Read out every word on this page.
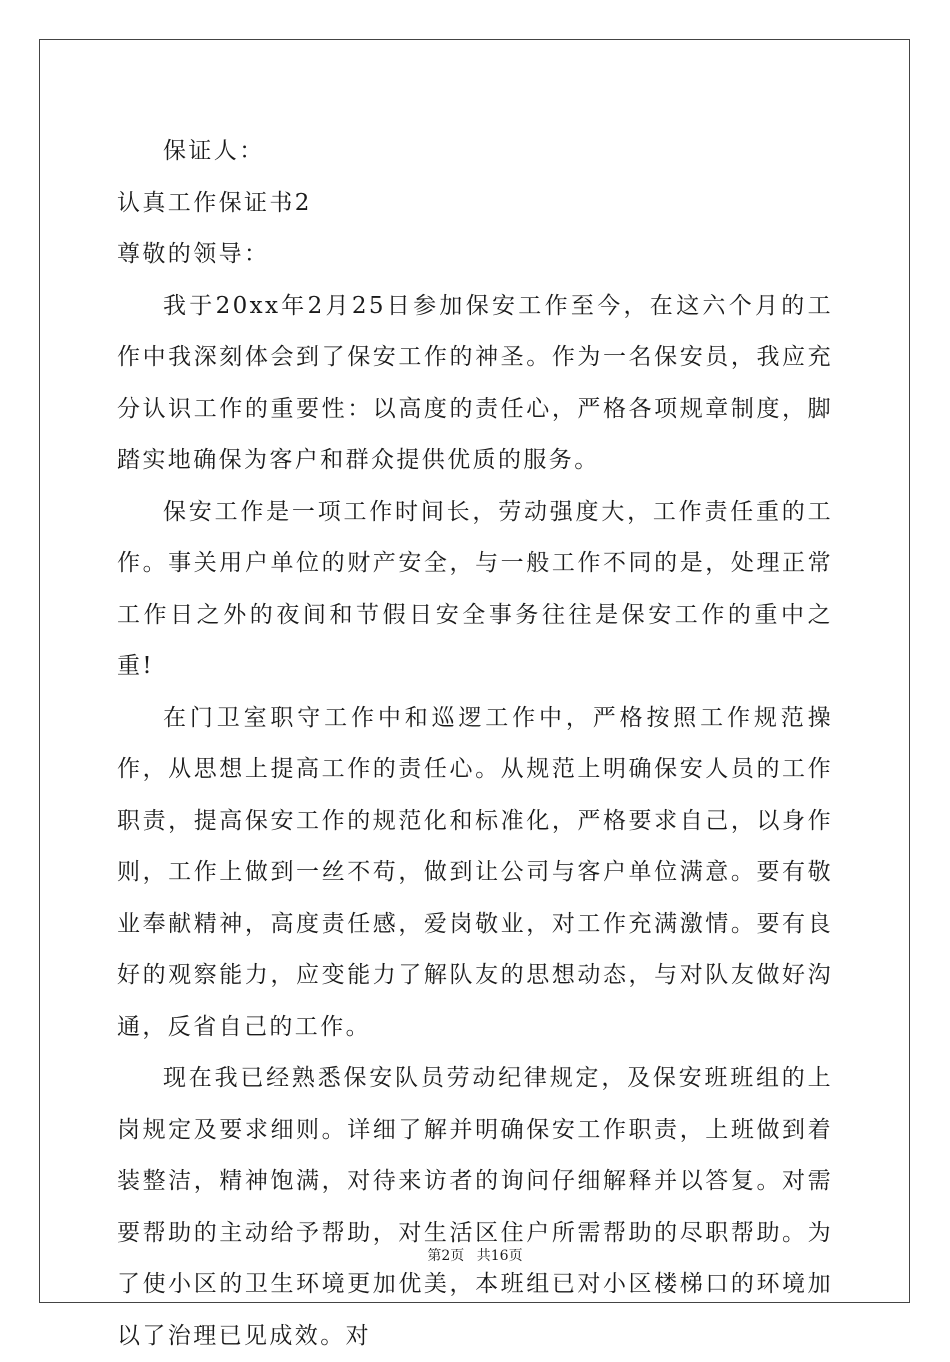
保证人：
认真工作保证书2
尊敬的领导：

我于20xx年2月25日参加保安工作至今，在这六个月的工作中我深刻体会到了保安工作的神圣。作为一名保安员，我应充分认识工作的重要性：以高度的责任心，严格各项规章制度，脚踏实地确保为客户和群众提供优质的服务。

保安工作是一项工作时间长，劳动强度大，工作责任重的工作。事关用户单位的财产安全，与一般工作不同的是，处理正常工作日之外的夜间和节假日安全事务往往是保安工作的重中之重!

在门卫室职守工作中和巡逻工作中，严格按照工作规范操作，从思想上提高工作的责任心。从规范上明确保安人员的工作职责，提高保安工作的规范化和标准化，严格要求自己，以身作则，工作上做到一丝不苟，做到让公司与客户单位满意。要有敬业奉献精神，高度责任感，爱岗敬业，对工作充满激情。要有良好的观察能力，应变能力了解队友的思想动态，与对队友做好沟通，反省自己的工作。

现在我已经熟悉保安队员劳动纪律规定，及保安班班组的上岗规定及要求细则。详细了解并明确保安工作职责，上班做到着装整洁，精神饱满，对待来访者的询问仔细解释并以答复。对需要帮助的主动给予帮助，对生活区住户所需帮助的尽职帮助。为了使小区的卫生环境更加优美，本班组已对小区楼梯口的环境加以了治理已见成效。对

第2页 共16页
